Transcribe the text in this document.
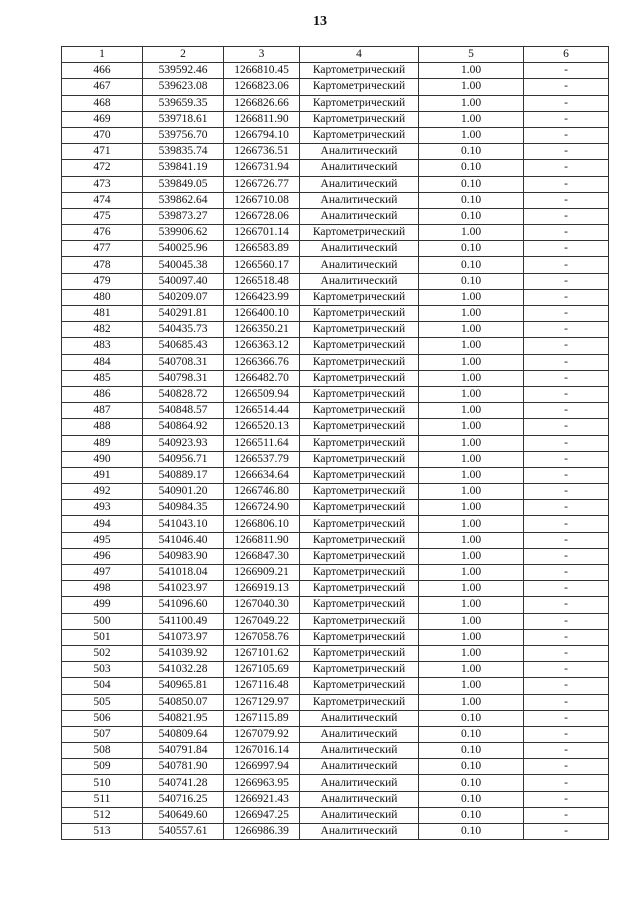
13
1	2	3	4	5	6
466	539592.46	1266810.45	Картометрический	1.00	-
467	539623.08	1266823.06	Картометрический	1.00	-
468	539659.35	1266826.66	Картометрический	1.00	-
469	539718.61	1266811.90	Картометрический	1.00	-
470	539756.70	1266794.10	Картометрический	1.00	-
471	539835.74	1266736.51	Аналитический	0.10	-
472	539841.19	1266731.94	Аналитический	0.10	-
473	539849.05	1266726.77	Аналитический	0.10	-
474	539862.64	1266710.08	Аналитический	0.10	-
475	539873.27	1266728.06	Аналитический	0.10	-
476	539906.62	1266701.14	Картометрический	1.00	-
477	540025.96	1266583.89	Аналитический	0.10	-
478	540045.38	1266560.17	Аналитический	0.10	-
479	540097.40	1266518.48	Аналитический	0.10	-
480	540209.07	1266423.99	Картометрический	1.00	-
481	540291.81	1266400.10	Картометрический	1.00	-
482	540435.73	1266350.21	Картометрический	1.00	-
483	540685.43	1266363.12	Картометрический	1.00	-
484	540708.31	1266366.76	Картометрический	1.00	-
485	540798.31	1266482.70	Картометрический	1.00	-
486	540828.72	1266509.94	Картометрический	1.00	-
487	540848.57	1266514.44	Картометрический	1.00	-
488	540864.92	1266520.13	Картометрический	1.00	-
489	540923.93	1266511.64	Картометрический	1.00	-
490	540956.71	1266537.79	Картометрический	1.00	-
491	540889.17	1266634.64	Картометрический	1.00	-
492	540901.20	1266746.80	Картометрический	1.00	-
493	540984.35	1266724.90	Картометрический	1.00	-
494	541043.10	1266806.10	Картометрический	1.00	-
495	541046.40	1266811.90	Картометрический	1.00	-
496	540983.90	1266847.30	Картометрический	1.00	-
497	541018.04	1266909.21	Картометрический	1.00	-
498	541023.97	1266919.13	Картометрический	1.00	-
499	541096.60	1267040.30	Картометрический	1.00	-
500	541100.49	1267049.22	Картометрический	1.00	-
501	541073.97	1267058.76	Картометрический	1.00	-
502	541039.92	1267101.62	Картометрический	1.00	-
503	541032.28	1267105.69	Картометрический	1.00	-
504	540965.81	1267116.48	Картометрический	1.00	-
505	540850.07	1267129.97	Картометрический	1.00	-
506	540821.95	1267115.89	Аналитический	0.10	-
507	540809.64	1267079.92	Аналитический	0.10	-
508	540791.84	1267016.14	Аналитический	0.10	-
509	540781.90	1266997.94	Аналитический	0.10	-
510	540741.28	1266963.95	Аналитический	0.10	-
511	540716.25	1266921.43	Аналитический	0.10	-
512	540649.60	1266947.25	Аналитический	0.10	-
513	540557.61	1266986.39	Аналитический	0.10	-
